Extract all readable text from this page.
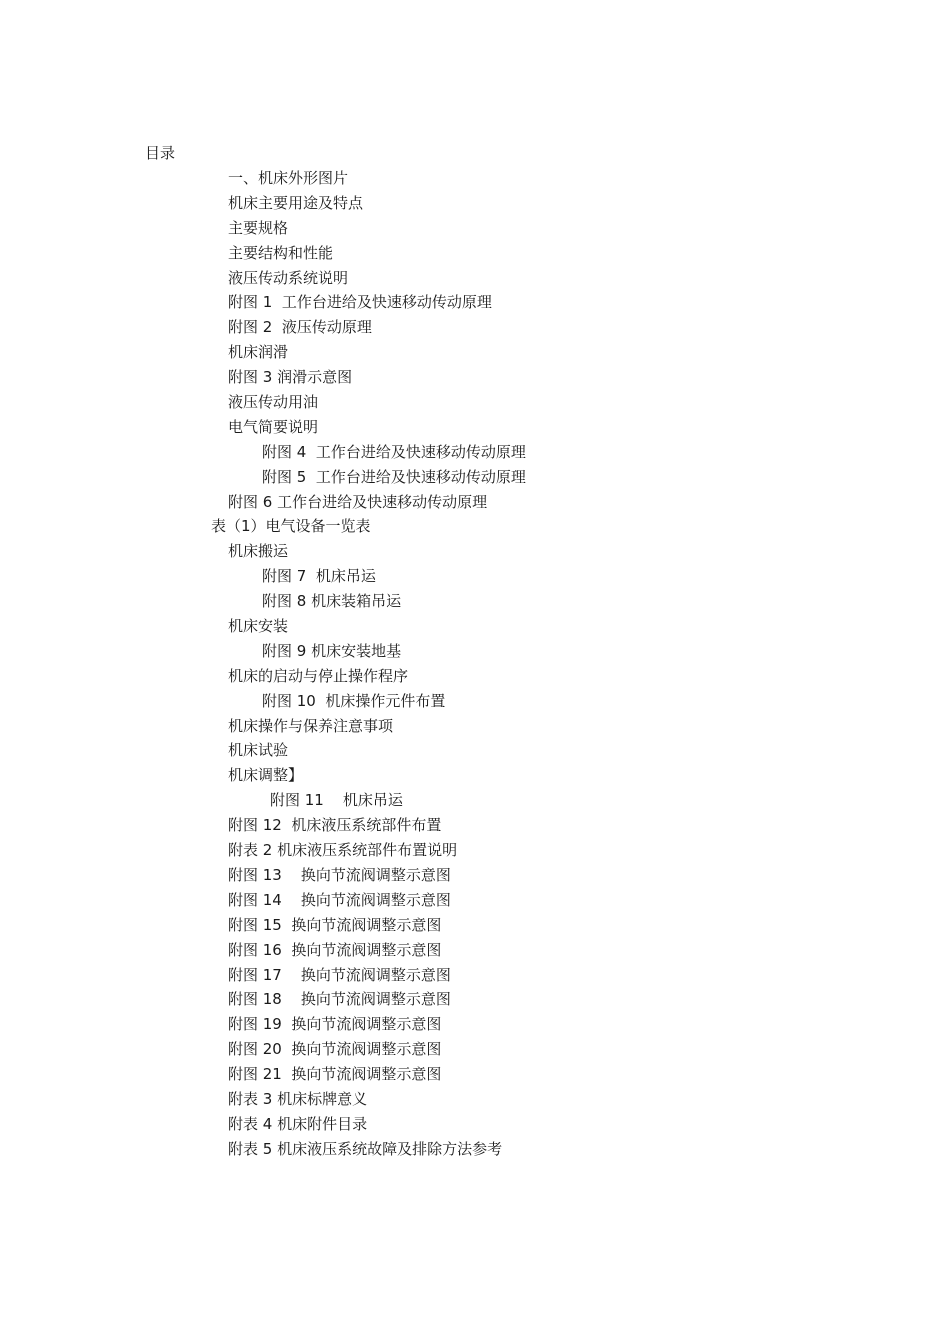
目录
一、机床外形图片
机床主要用途及特点
主要规格
主要结构和性能
液压传动系统说明
附图 1  工作台进给及快速移动传动原理
附图 2  液压传动原理
机床润滑
附图 3 润滑示意图
液压传动用油
电气简要说明
附图 4  工作台进给及快速移动传动原理
附图 5  工作台进给及快速移动传动原理
附图 6 工作台进给及快速移动传动原理
表（1）电气设备一览表
机床搬运
附图 7  机床吊运
附图 8 机床装箱吊运
机床安装
附图 9 机床安装地基
机床的启动与停止操作程序
附图 10  机床操作元件布置
机床操作与保养注意事项
机床试验
机床调整】
附图 11    机床吊运
附图 12  机床液压系统部件布置
附表 2 机床液压系统部件布置说明
附图 13    换向节流阀调整示意图
附图 14    换向节流阀调整示意图
附图 15  换向节流阀调整示意图
附图 16  换向节流阀调整示意图
附图 17    换向节流阀调整示意图
附图 18    换向节流阀调整示意图
附图 19  换向节流阀调整示意图
附图 20  换向节流阀调整示意图
附图 21  换向节流阀调整示意图
附表 3 机床标牌意义
附表 4 机床附件目录
附表 5 机床液压系统故障及排除方法参考
